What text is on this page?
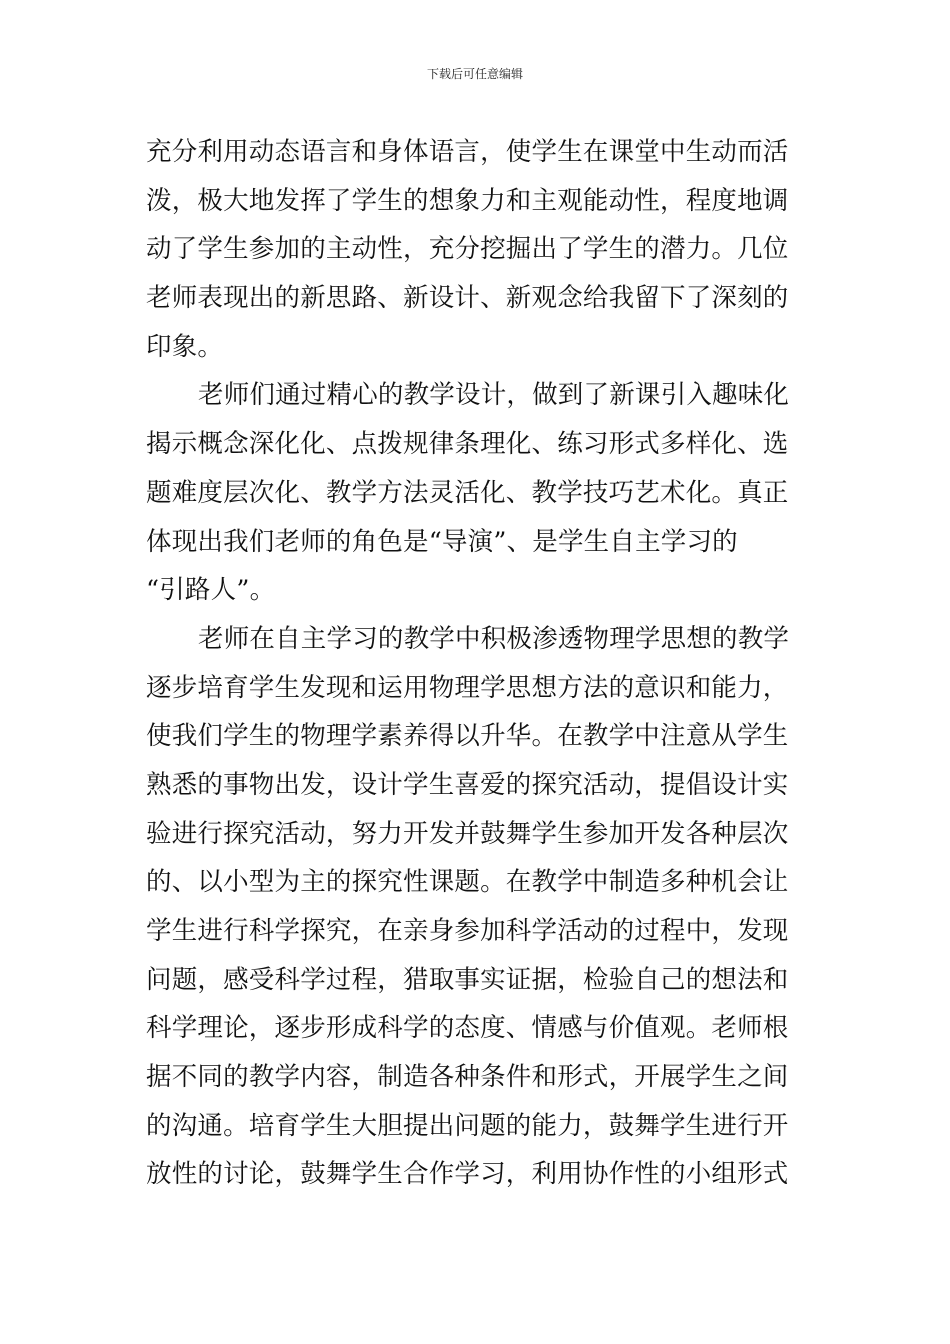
下载后可任意编辑
充分利用动态语言和身体语言，使学生在课堂中生动而活
泼，极大地发挥了学生的想象力和主观能动性，程度地调
动了学生参加的主动性，充分挖掘出了学生的潜力。几位
老师表现出的新思路、新设计、新观念给我留下了深刻的
印象。
老师们通过精心的教学设计，做到了新课引入趣味化
揭示概念深化化、点拨规律条理化、练习形式多样化、选
题难度层次化、教学方法灵活化、教学技巧艺术化。真正
体现出我们老师的角色是“导演”、是学生自主学习的
“引路人”。
老师在自主学习的教学中积极渗透物理学思想的教学
逐步培育学生发现和运用物理学思想方法的意识和能力，
使我们学生的物理学素养得以升华。在教学中注意从学生
熟悉的事物出发，设计学生喜爱的探究活动，提倡设计实
验进行探究活动，努力开发并鼓舞学生参加开发各种层次
的、以小型为主的探究性课题。在教学中制造多种机会让
学生进行科学探究，在亲身参加科学活动的过程中，发现
问题，感受科学过程，猎取事实证据，检验自己的想法和
科学理论，逐步形成科学的态度、情感与价值观。老师根
据不同的教学内容，制造各种条件和形式，开展学生之间
的沟通。培育学生大胆提出问题的能力，鼓舞学生进行开
放性的讨论，鼓舞学生合作学习，利用协作性的小组形式
